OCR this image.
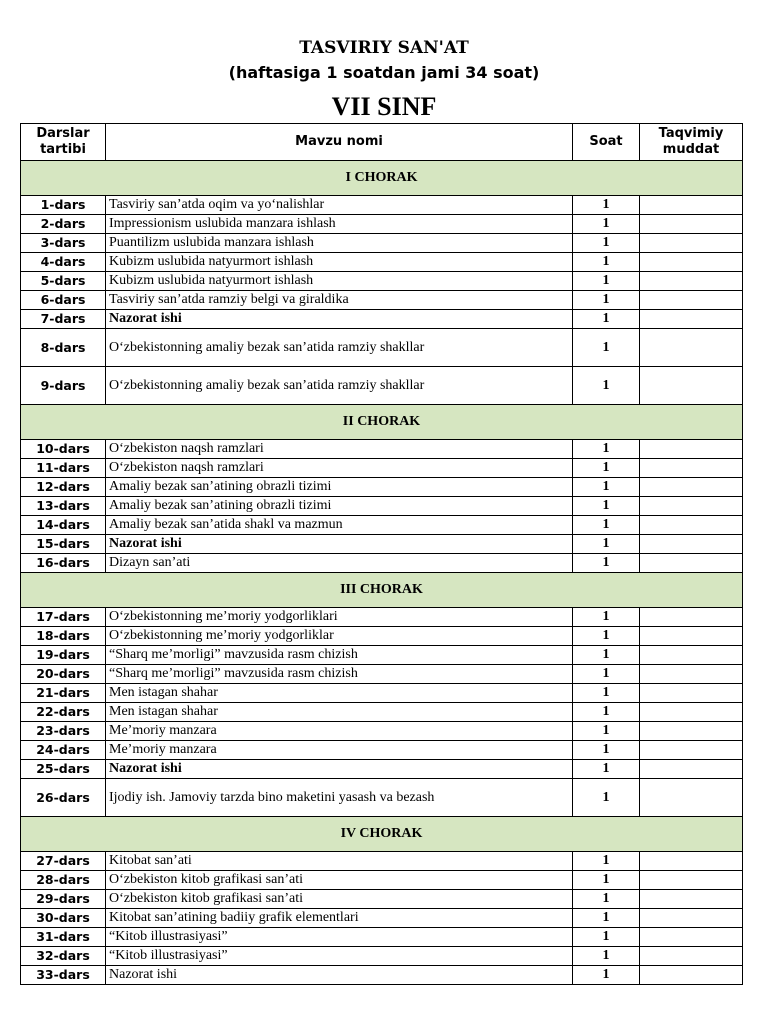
TASVIRIY SAN'AT
(haftasiga 1 soatdan jami 34 soat)
VII SINF
Darslar tartibi	Mavzu nomi	Soat	Taqvimiy muddat
I CHORAK			
1-dars	Tasviriy san’atda oqim va yo‘nalishlar	1	
2-dars	Impressionism uslubida manzara ishlash	1	
3-dars	Puantilizm uslubida manzara ishlash	1	
4-dars	Kubizm uslubida natyurmort ishlash	1	
5-dars	Kubizm uslubida natyurmort ishlash	1	
6-dars	Tasviriy san’atda ramziy belgi va giraldika	1	
7-dars	Nazorat ishi	1	
8-dars	O‘zbekistonning amaliy bezak san’atida ramziy shakllar	1	
9-dars	O‘zbekistonning amaliy bezak san’atida ramziy shakllar	1	
II CHORAK			
10-dars	O‘zbekiston naqsh ramzlari	1	
11-dars	O‘zbekiston naqsh ramzlari	1	
12-dars	Amaliy bezak san’atining obrazli tizimi	1	
13-dars	Amaliy bezak san’atining obrazli tizimi	1	
14-dars	Amaliy bezak san’atida shakl va mazmun	1	
15-dars	Nazorat ishi	1	
16-dars	Dizayn san’ati	1	
III CHORAK			
17-dars	O‘zbekistonning me’moriy yodgorliklari	1	
18-dars	O‘zbekistonning me’moriy yodgorliklar	1	
19-dars	“Sharq me’morligi” mavzusida rasm chizish	1	
20-dars	“Sharq me’morligi” mavzusida rasm chizish	1	
21-dars	Men istagan shahar	1	
22-dars	Men istagan shahar	1	
23-dars	Me’moriy manzara	1	
24-dars	Me’moriy manzara	1	
25-dars	Nazorat ishi	1	
26-dars	Ijodiy ish. Jamoviy tarzda bino maketini yasash va bezash	1	
IV CHORAK			
27-dars	Kitobat san’ati	1	
28-dars	O‘zbekiston kitob grafikasi san’ati	1	
29-dars	O‘zbekiston kitob grafikasi san’ati	1	
30-dars	Kitobat san’atining badiiy grafik elementlari	1	
31-dars	“Kitob illustrasiyasi”	1	
32-dars	“Kitob illustrasiyasi”	1	
33-dars	Nazorat ishi	1	
